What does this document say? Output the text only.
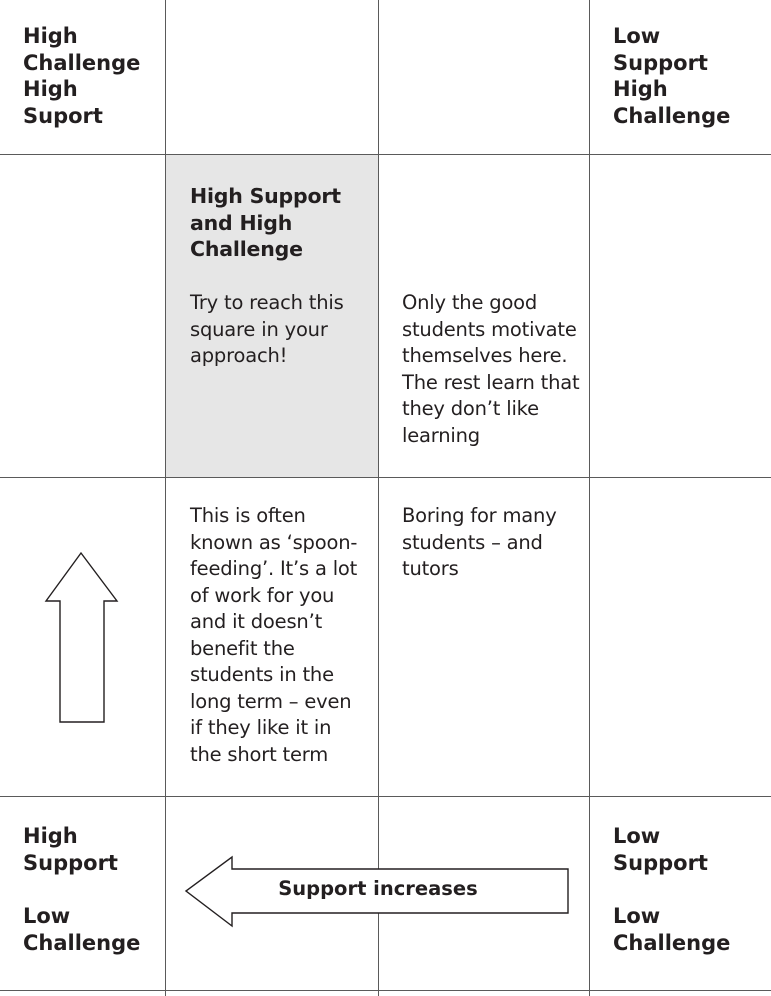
High
Challenge
High
Suport
Low
Support
High
Challenge
High
Support
Low
Challenge
Low
Support
Low
Challenge
High Support
and High
Challenge
Try to reach this
square in your
approach!
Only the good
students motivate
themselves here.
The rest learn that
they don’t like
learning
This is often
known as ‘spoon-
feeding’. It’s a lot
of work for you
and it doesn’t
benefit the
students in the
long term – even
if they like it in
the short term
Boring for many
students – and
tutors
Support increases
